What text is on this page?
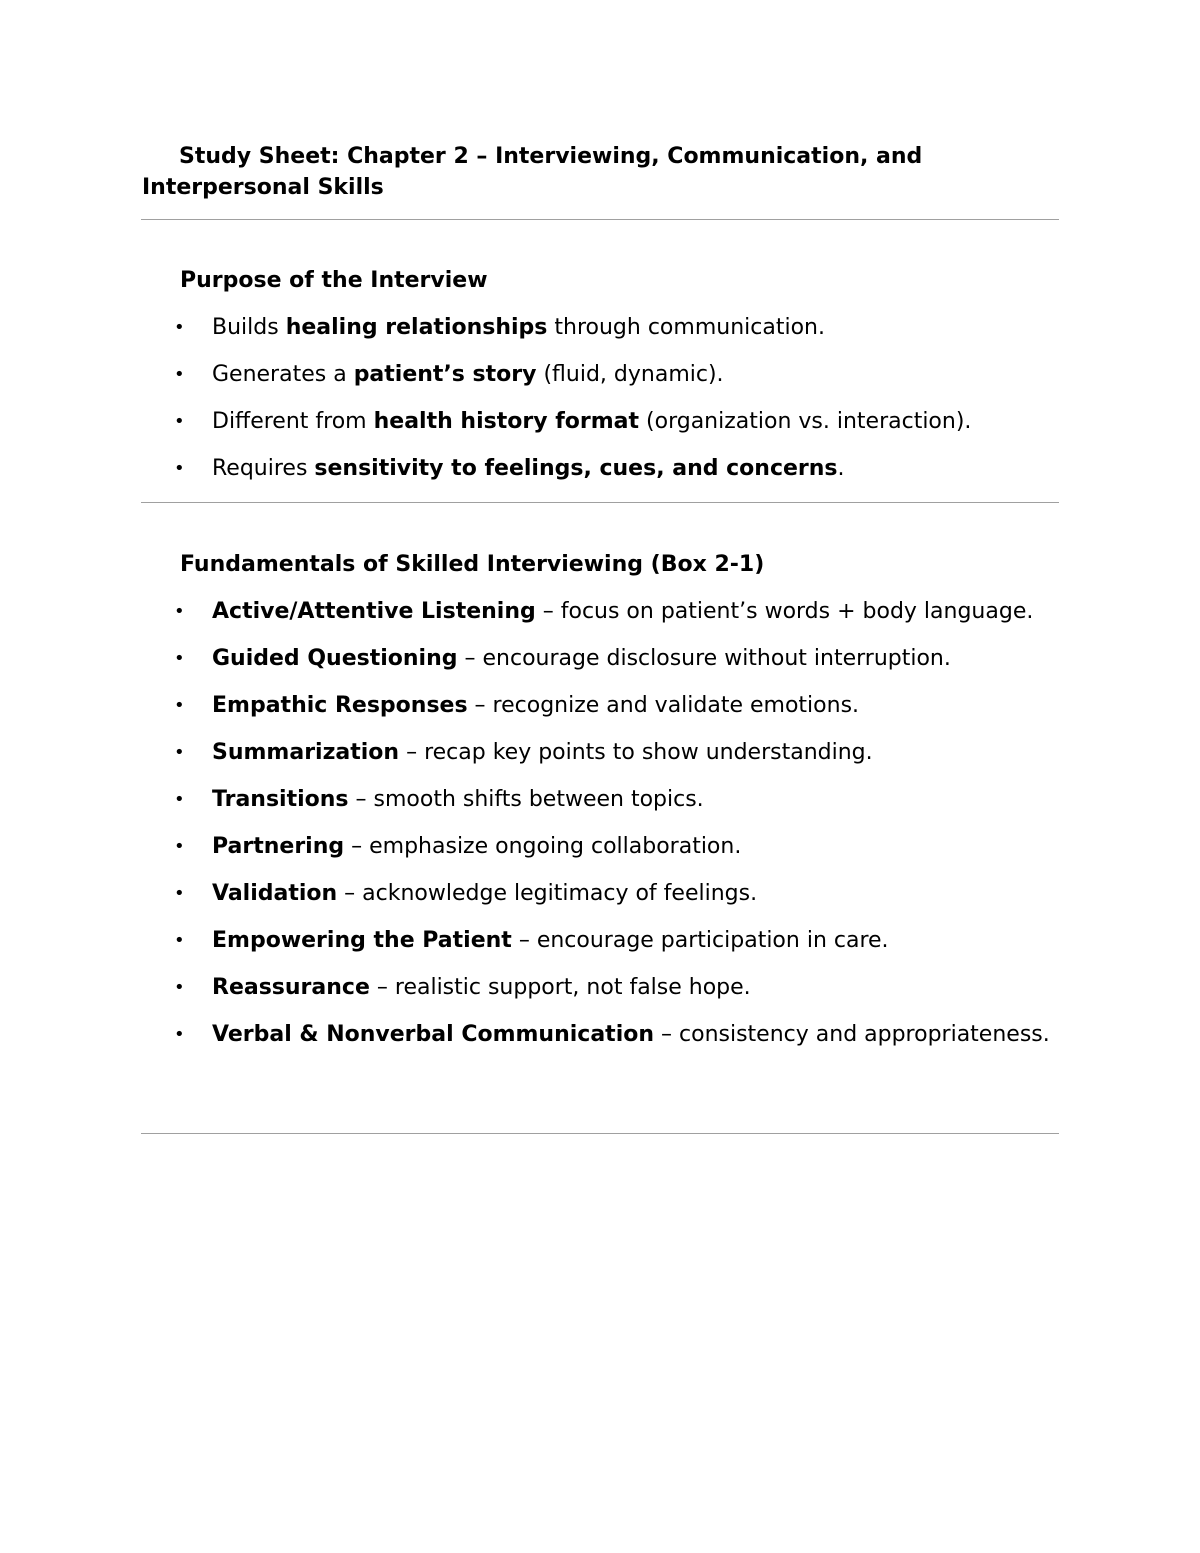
Study Sheet: Chapter 2 – Interviewing, Communication, and Interpersonal Skills
Purpose of the Interview
• Builds healing relationships through communication.
• Generates a patient’s story (fluid, dynamic).
• Different from health history format (organization vs. interaction).
• Requires sensitivity to feelings, cues, and concerns.
Fundamentals of Skilled Interviewing (Box 2-1)
• Active/Attentive Listening – focus on patient’s words + body language.
• Guided Questioning – encourage disclosure without interruption.
• Empathic Responses – recognize and validate emotions.
• Summarization – recap key points to show understanding.
• Transitions – smooth shifts between topics.
• Partnering – emphasize ongoing collaboration.
• Validation – acknowledge legitimacy of feelings.
• Empowering the Patient – encourage participation in care.
• Reassurance – realistic support, not false hope.
• Verbal & Nonverbal Communication – consistency and appropriateness.
